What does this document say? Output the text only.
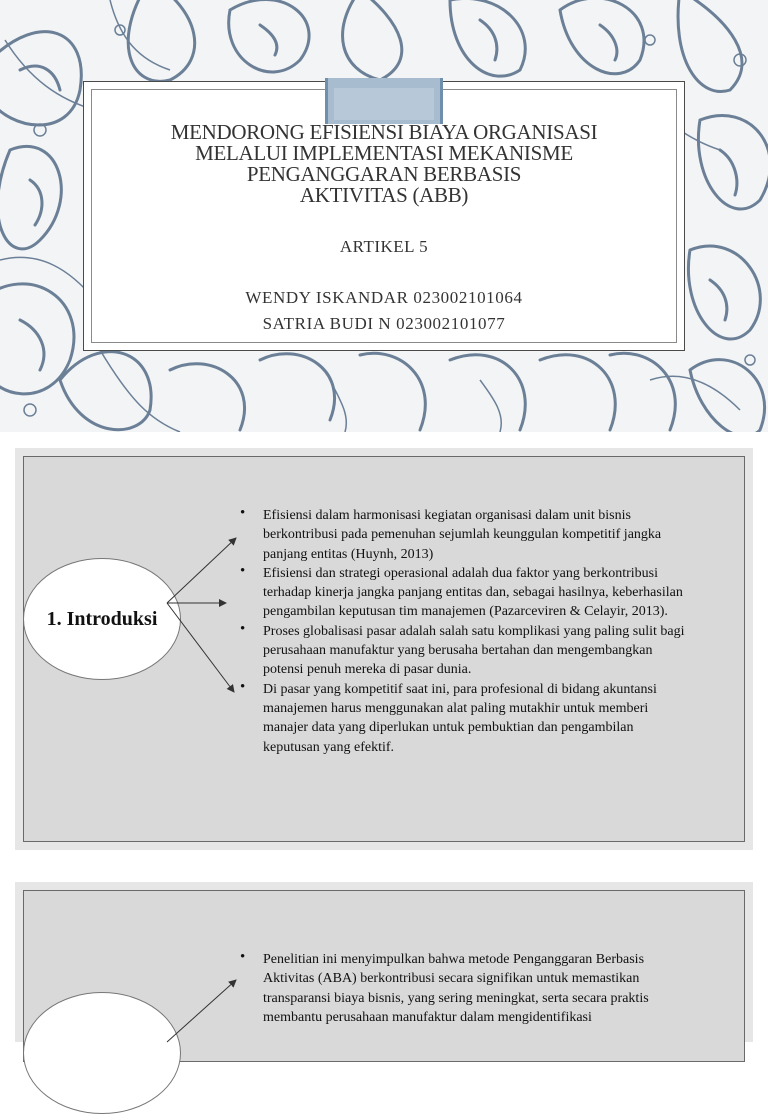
MENDORONG EFISIENSI BIAYA ORGANISASI
MELALUI IMPLEMENTASI MEKANISME
PENGANGGARAN BERBASIS
AKTIVITAS (ABB)
ARTIKEL 5
WENDY ISKANDAR 023002101064
SATRIA BUDI N 023002101077
1. Introduksi
• Efisiensi dalam harmonisasi kegiatan organisasi dalam unit bisnis berkontribusi pada pemenuhan sejumlah keunggulan kompetitif jangka panjang entitas (Huynh, 2013)
• Efisiensi dan strategi operasional adalah dua faktor yang berkontribusi terhadap kinerja jangka panjang entitas dan, sebagai hasilnya, keberhasilan pengambilan keputusan tim manajemen (Pazarceviren & Celayir, 2013).
• Proses globalisasi pasar adalah salah satu komplikasi yang paling sulit bagi perusahaan manufaktur yang berusaha bertahan dan mengembangkan potensi penuh mereka di pasar dunia.
• Di pasar yang kompetitif saat ini, para profesional di bidang akuntansi manajemen harus menggunakan alat paling mutakhir untuk memberi manajer data yang diperlukan untuk pembuktian dan pengambilan keputusan yang efektif.
• Penelitian ini menyimpulkan bahwa metode Penganggaran Berbasis Aktivitas (ABA) berkontribusi secara signifikan untuk memastikan transparansi biaya bisnis, yang sering meningkat, serta secara praktis membantu perusahaan manufaktur dalam mengidentifikasi
